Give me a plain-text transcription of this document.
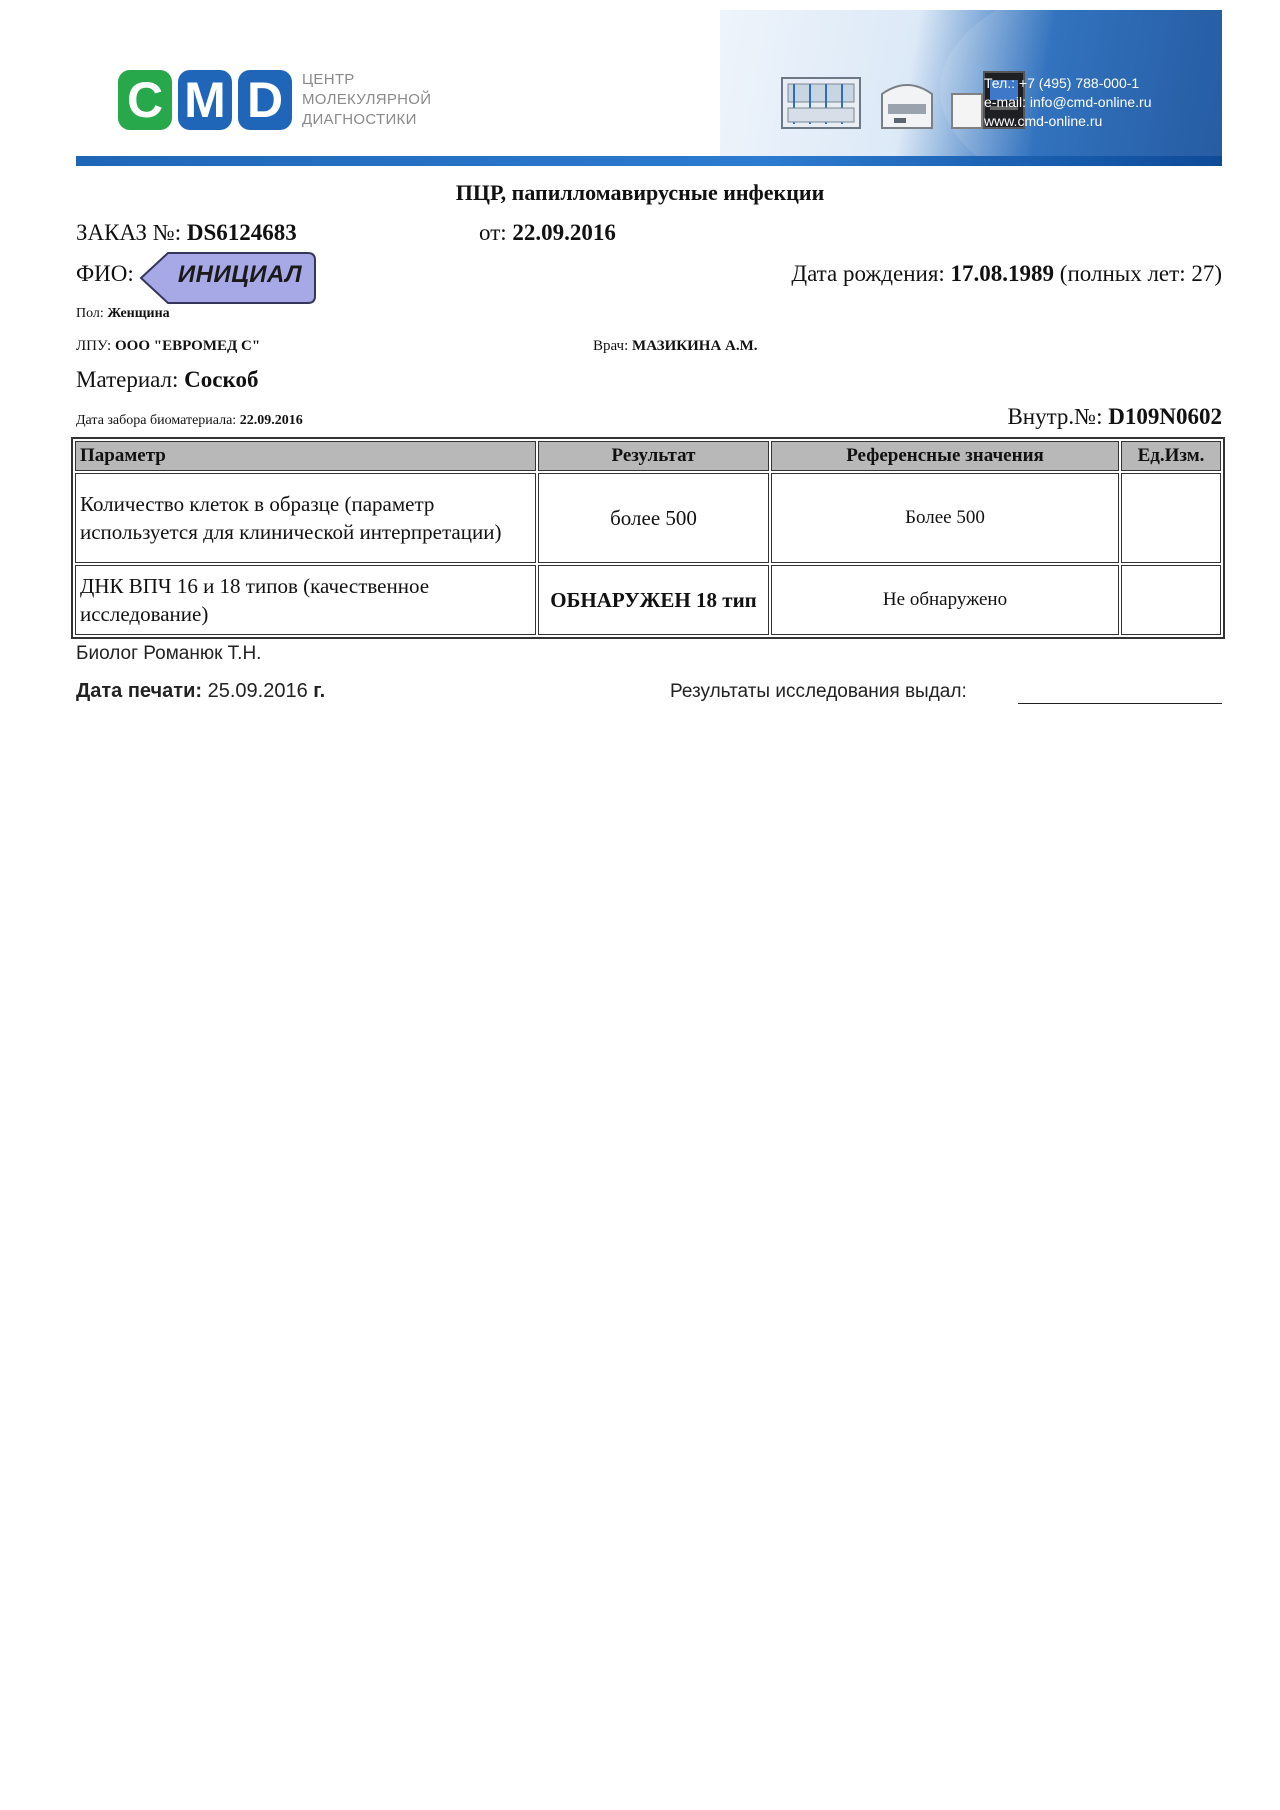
C M D	ЦЕНТР
МОЛЕКУЛЯРНОЙ
ДИАГНОСТИКИ
Тел.: +7 (495) 788-000-1
e-mail: info@cmd-online.ru
www.cmd-online.ru
ПЦР, папилломавирусные инфекции
ЗАКАЗ №: DS6124683	от: 22.09.2016
ФИО: ИНИЦИАЛ	Дата рождения: 17.08.1989 (полных лет: 27)
Пол: Женщина
ЛПУ: ООО "ЕВРОМЕД С"	Врач: МАЗИКИНА А.М.
Материал: Соскоб
Дата забора биоматериала: 22.09.2016	Внутр.№: D109N0602
Параметр	Результат	Референсные значения	Ед.Изм.
Количество клеток в образце (параметр используется для клинической интерпретации)	более 500	Более 500	
ДНК ВПЧ 16 и 18 типов (качественное исследование)	ОБНАРУЖЕН 18 тип	Не обнаружено	
Биолог Романюк Т.Н.
Дата печати: 25.09.2016 г.	Результаты исследования выдал:
